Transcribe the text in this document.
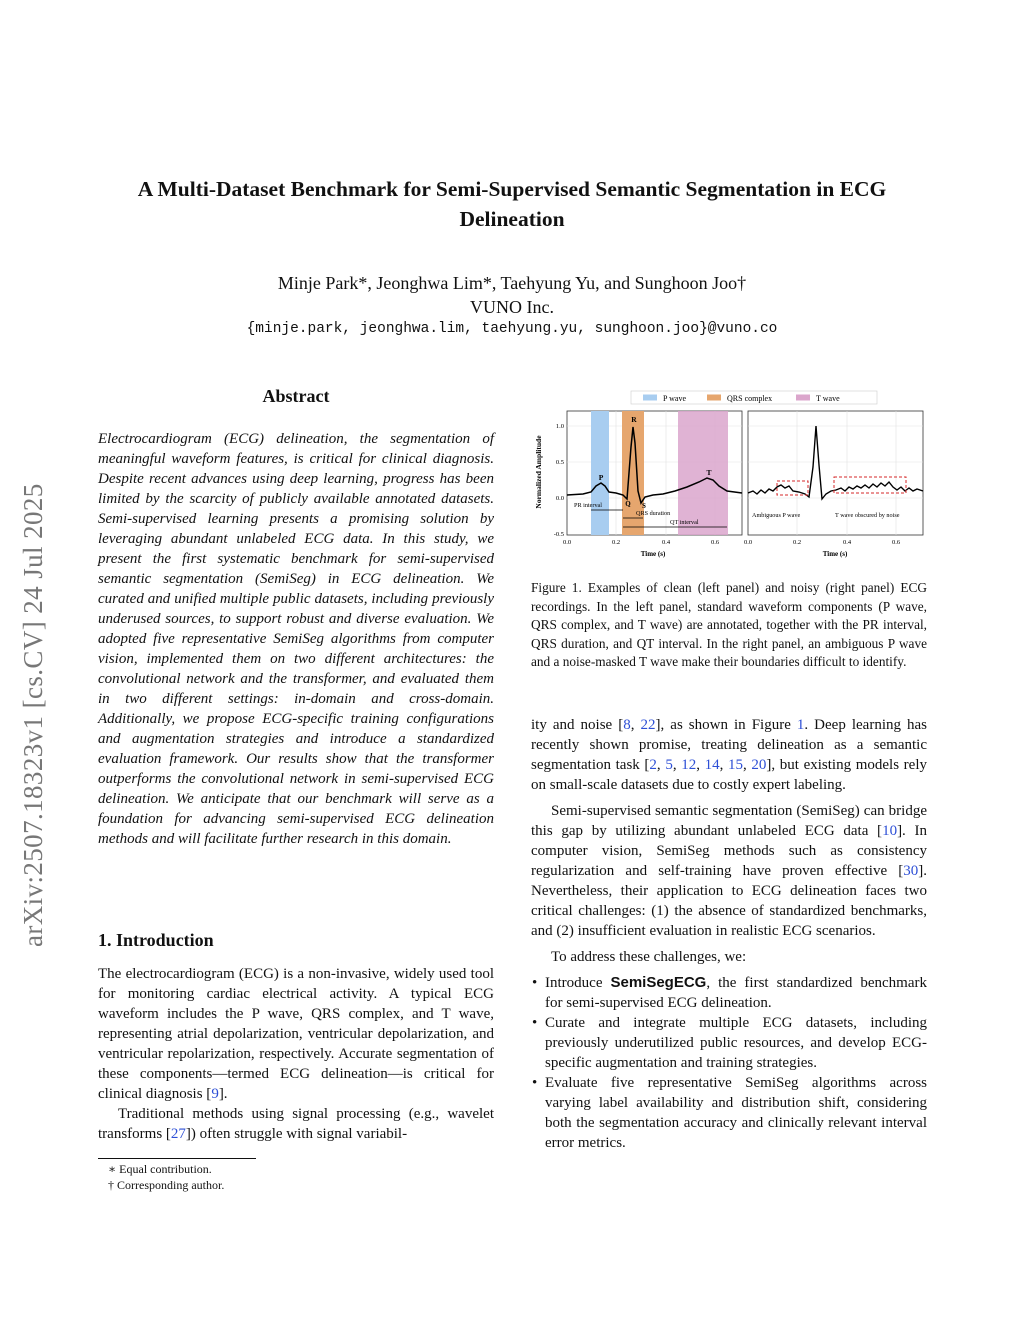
arXiv:2507.18323v1 [cs.CV] 24 Jul 2025
A Multi-Dataset Benchmark for Semi-Supervised Semantic Segmentation in ECG Delineation
Minje Park*, Jeonghwa Lim*, Taehyung Yu, and Sunghoon Joo†
VUNO Inc.
{minje.park, jeonghwa.lim, taehyung.yu, sunghoon.joo}@vuno.co
Abstract
Electrocardiogram (ECG) delineation, the segmentation of meaningful waveform features, is critical for clinical diagnosis. Despite recent advances using deep learning, progress has been limited by the scarcity of publicly available annotated datasets. Semi-supervised learning presents a promising solution by leveraging abundant unlabeled ECG data. In this study, we present the first systematic benchmark for semi-supervised semantic segmentation (SemiSeg) in ECG delineation. We curated and unified multiple public datasets, including previously underused sources, to support robust and diverse evaluation. We adopted five representative SemiSeg algorithms from computer vision, implemented them on two different architectures: the convolutional network and the transformer, and evaluated them in two different settings: in-domain and cross-domain. Additionally, we propose ECG-specific training configurations and augmentation strategies and introduce a standardized evaluation framework. Our results show that the transformer outperforms the convolutional network in semi-supervised ECG delineation. We anticipate that our benchmark will serve as a foundation for advancing semi-supervised ECG delineation methods and will facilitate further research in this domain.
1. Introduction

The electrocardiogram (ECG) is a non-invasive, widely used tool for monitoring cardiac electrical activity. A typical ECG waveform includes the P wave, QRS complex, and T wave, representing atrial depolarization, ventricular depolarization, and ventricular repolarization, respectively. Accurate segmentation of these components—termed ECG delineation—is critical for clinical diagnosis [9].

Traditional methods using signal processing (e.g., wavelet transforms [27]) often struggle with signal variabil-

∗ Equal contribution.
† Corresponding author.
P wave	QRS complex	T wave
Normalized Amplitude	P
R
Q S
T
PR interval
QRS duration
QT interval
1.0
0.5
0.0
-0.5
0.0	0.2	0.4	0.6
Time (s)
Ambiguous P wave	T wave obscured by noise
0.0	0.2	0.4	0.6
Time (s)
Figure 1. Examples of clean (left panel) and noisy (right panel) ECG recordings. In the left panel, standard waveform components (P wave, QRS complex, and T wave) are annotated, together with the PR interval, QRS duration, and QT interval. In the right panel, an ambiguous P wave and a noise-masked T wave make their boundaries difficult to identify.

ity and noise [8, 22], as shown in Figure 1. Deep learning has recently shown promise, treating delineation as a semantic segmentation task [2, 5, 12, 14, 15, 20], but existing models rely on small-scale datasets due to costly expert labeling.

Semi-supervised semantic segmentation (SemiSeg) can bridge this gap by utilizing abundant unlabeled ECG data [10]. In computer vision, SemiSeg methods such as consistency regularization and self-training have proven effective [30]. Nevertheless, their application to ECG delineation faces two critical challenges: (1) the absence of standardized benchmarks, and (2) insufficient evaluation in realistic ECG scenarios.

To address these challenges, we:

• Introduce SemiSegECG, the first standardized benchmark for semi-supervised ECG delineation.
• Curate and integrate multiple ECG datasets, including previously underutilized public resources, and develop ECG-specific augmentation and training strategies.
• Evaluate five representative SemiSeg algorithms across varying label availability and distribution shift, considering both the segmentation accuracy and clinically relevant interval error metrics.
